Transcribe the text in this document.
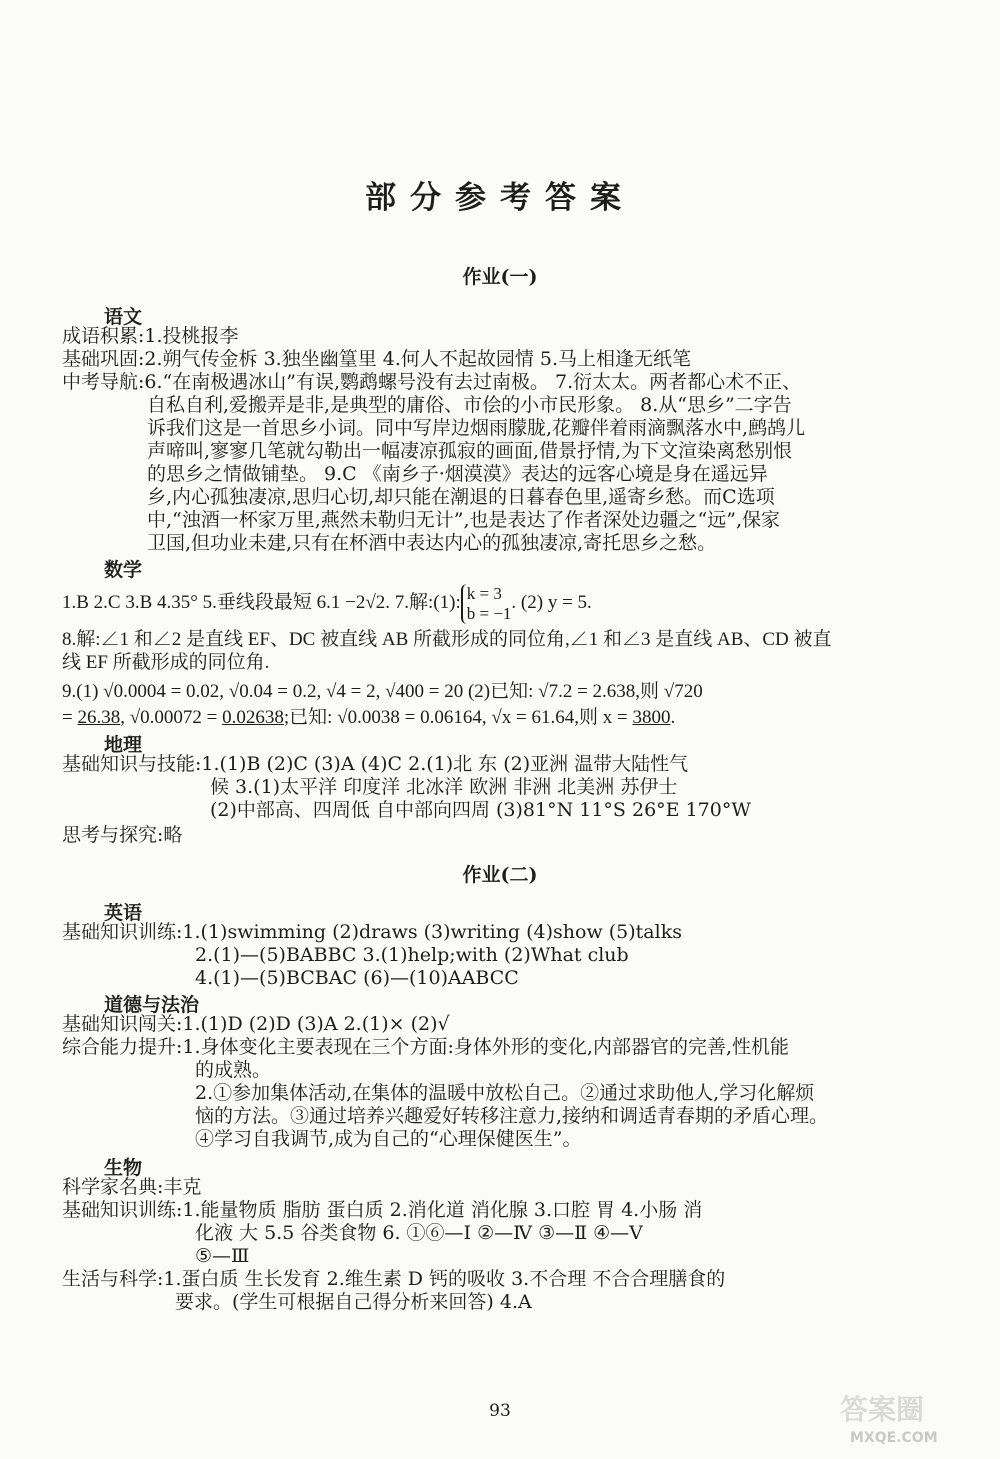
部分参考答案
作业(一)
语文
成语积累:1.投桃报李
基础巩固:2.朔气传金柝 3.独坐幽篁里 4.何人不起故园情 5.马上相逢无纸笔
中考导航:6.“在南极遇冰山”有误,鹦鹉螺号没有去过南极。 7.衍太太。两者都心术不正、
自私自利,爱搬弄是非,是典型的庸俗、市侩的小市民形象。 8.从“思乡”二字告
诉我们这是一首思乡小词。同中写岸边烟雨朦胧,花瓣伴着雨滴飘落水中,鹧鸪儿
声啼叫,寥寥几笔就勾勒出一幅凄凉孤寂的画面,借景抒情,为下文渲染离愁别恨
的思乡之情做铺垫。 9.C 《南乡子·烟漠漠》表达的远客心境是身在遥远异
乡,内心孤独凄凉,思归心切,却只能在潮退的日暮春色里,遥寄乡愁。而C选项
中,“浊酒一杯家万里,燕然未勒归无计”,也是表达了作者深处边疆之“远”,保家
卫国,但功业未建,只有在杯酒中表达内心的孤独凄凉,寄托思乡之愁。
数学
1.B 2.C 3.B 4.35° 5.垂线段最短 6.1 −2√2. 7.解:(1): k = 3
b = −1. (2) y = 5.
8.解:∠1 和∠2 是直线 EF、DC 被直线 AB 所截形成的同位角,∠1 和∠3 是直线 AB、CD 被直
线 EF 所截形成的同位角.
9.(1) √0.0004 = 0.02, √0.04 = 0.2, √4 = 2, √400 = 20 (2)已知: √7.2 = 2.638,则 √720
= 26.38, √0.00072 = 0.02638;已知: √0.0038 = 0.06164, √x = 61.64,则 x = 3800.
地理
基础知识与技能:1.(1)B (2)C (3)A (4)C 2.(1)北 东 (2)亚洲 温带大陆性气
候 3.(1)太平洋 印度洋 北冰洋 欧洲 非洲 北美洲 苏伊士
(2)中部高、四周低 自中部向四周 (3)81°N 11°S 26°E 170°W
思考与探究:略
作业(二)
英语
基础知识训练:1.(1)swimming (2)draws (3)writing (4)show (5)talks
2.(1)—(5)BABBC 3.(1)help;with (2)What club
4.(1)—(5)BCBAC (6)—(10)AABCC
道德与法治
基础知识闯关:1.(1)D (2)D (3)A 2.(1)× (2)√
综合能力提升:1.身体变化主要表现在三个方面:身体外形的变化,内部器官的完善,性机能
的成熟。
2.①参加集体活动,在集体的温暖中放松自己。②通过求助他人,学习化解烦
恼的方法。③通过培养兴趣爱好转移注意力,接纳和调适青春期的矛盾心理。
④学习自我调节,成为自己的“心理保健医生”。
生物
科学家名典:丰克
基础知识训练:1.能量物质 脂肪 蛋白质 2.消化道 消化腺 3.口腔 胃 4.小肠 消
化液 大 5.5 谷类食物 6. ①⑥—Ⅰ ②—Ⅳ ③—Ⅱ ④—Ⅴ
⑤—Ⅲ
生活与科学:1.蛋白质 生长发育 2.维生素 D 钙的吸收 3.不合理 不合合理膳食的
要求。(学生可根据自己得分析来回答) 4.A
93	答案圈
MXQE.COM
